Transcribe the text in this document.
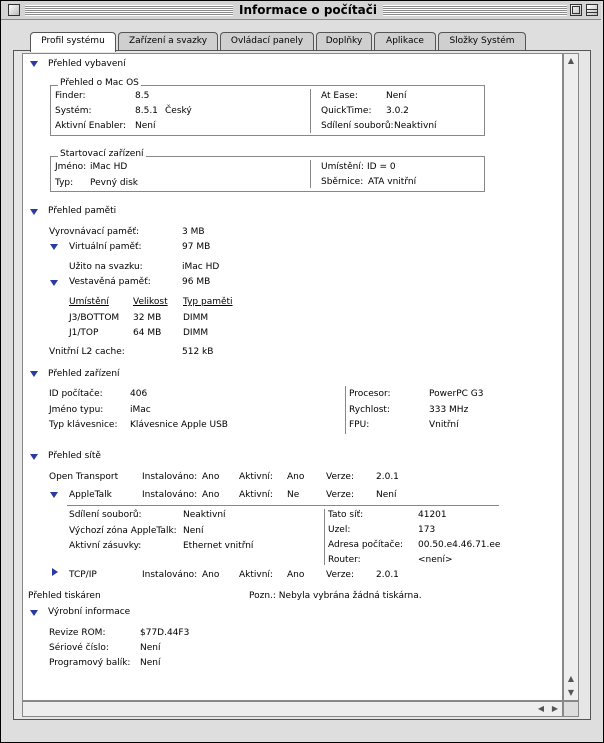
Informace o počítači
Profil systému	Zařízení a svazky	Ovládací panely	Doplňky	Aplikace	Složky Systém
Přehled vybavení
Přehled o Mac OS
Finder:	8.5
Systém:	8.5.1 Český
Aktivní Enabler: Není
At Ease:	Není
QuickTime: 3.0.2
Sdílení souborů: Neaktivní
Startovací zařízení
Jméno: iMac HD
Typ: Pevný disk
Umístění: ID = 0
Sběrnice: ATA vnitřní
Přehled paměti
Vyrovnávací paměť:	3 MB
Virtuální paměť:	97 MB
Užito na svazku:	iMac HD
Vestavěná paměť:	96 MB
Umístění	Velikost Typ paměti
J3/BOTTOM 32 MB DIMM
J1/TOP	64 MB DIMM
Vnitřní L2 cache:	512 kB
Přehled zařízení
ID počítače:	406
Jméno typu:	iMac
Typ klávesnice: Klávesnice Apple USB
Procesor:	PowerPC G3
Rychlost:	333 MHz
FPU:	Vnitřní
Přehled sítě
Open Transport	Instalováno: Ano Aktivní: Ano Verze: 2.0.1
AppleTalk	Instalováno: Ano Aktivní: Ne	Verze: Není
Sdílení souborů:	Neaktivní
Výchozí zóna AppleTalk: Není
Aktivní zásuvky:	Ethernet vnitřní
Tato síť:	41201
Uzel:	173
Adresa počítače: 00.50.e4.46.71.ee
Router:	<není>
TCP/IP	Instalováno: Ano Aktivní: Ano Verze: 2.0.1
Přehled tiskáren	Pozn.: Nebyla vybrána žádná tiskárna.
Výrobní informace
Revize ROM:	$77D.44F3
Sériové číslo:	Není
Programový balík: Není
▲
▲
▼
◀ ▶
